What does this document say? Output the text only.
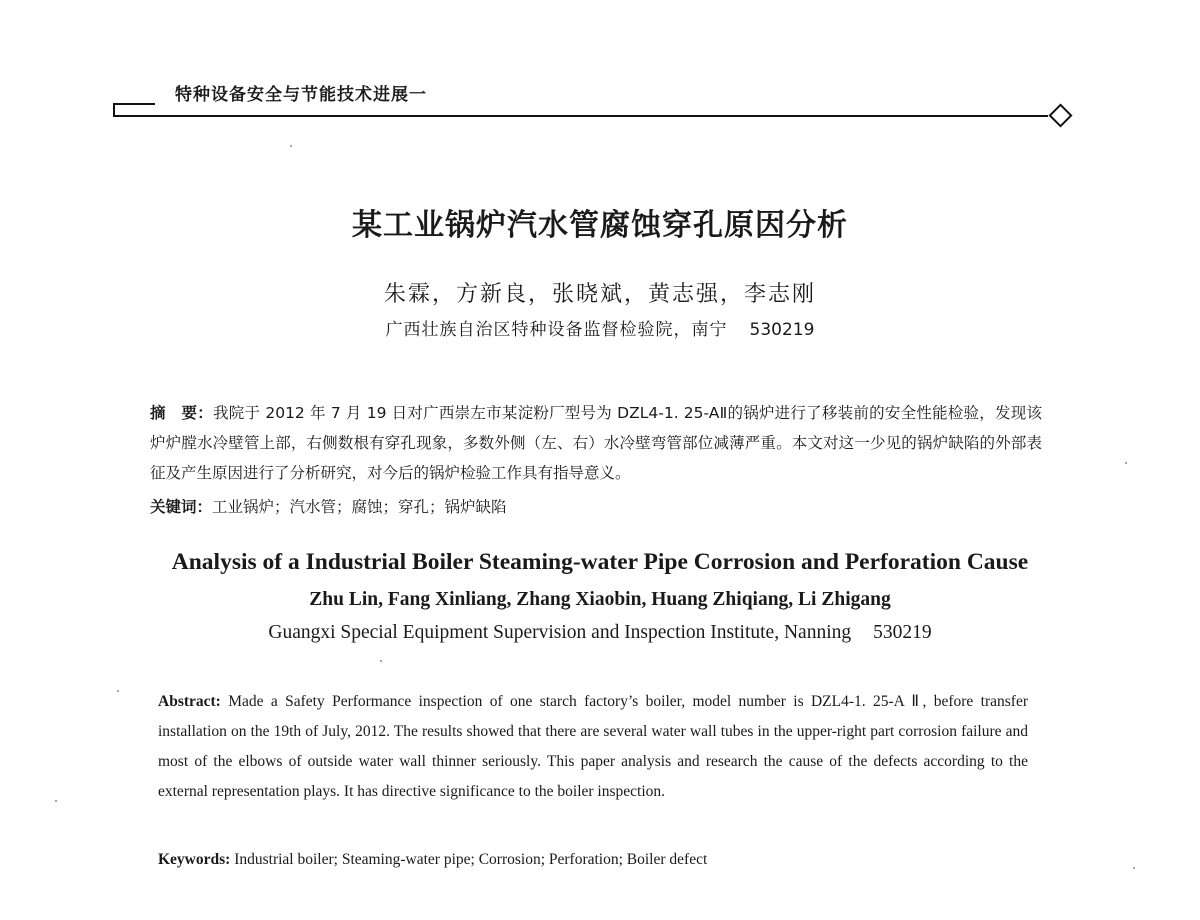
特种设备安全与节能技术进展一
某工业锅炉汽水管腐蚀穿孔原因分析
朱霖，方新良，张晓斌，黄志强，李志刚
广西壮族自治区特种设备监督检验院，南宁 530219
摘　要：我院于 2012 年 7 月 19 日对广西崇左市某淀粉厂型号为 DZL4-1. 25-AⅡ的锅炉进行了移装前的安全性能检验，发现该炉炉膛水冷壁管上部，右侧数根有穿孔现象，多数外侧（左、右）水冷壁弯管部位减薄严重。本文对这一少见的锅炉缺陷的外部表征及产生原因进行了分析研究，对今后的锅炉检验工作具有指导意义。
关键词：工业锅炉；汽水管；腐蚀；穿孔；锅炉缺陷
Analysis of a Industrial Boiler Steaming-water Pipe Corrosion and Perforation Cause
Zhu Lin, Fang Xinliang, Zhang Xiaobin, Huang Zhiqiang, Li Zhigang
Guangxi Special Equipment Supervision and Inspection Institute, Nanning 530219
Abstract: Made a Safety Performance inspection of one starch factory’s boiler, model number is DZL4-1. 25-A Ⅱ, before transfer installation on the 19th of July, 2012. The results showed that there are several water wall tubes in the upper-right part corrosion failure and most of the elbows of outside water wall thinner seriously. This paper analysis and research the cause of the defects according to the external representation plays. It has directive significance to the boiler inspection.
Keywords: Industrial boiler; Steaming-water pipe; Corrosion; Perforation; Boiler defect
